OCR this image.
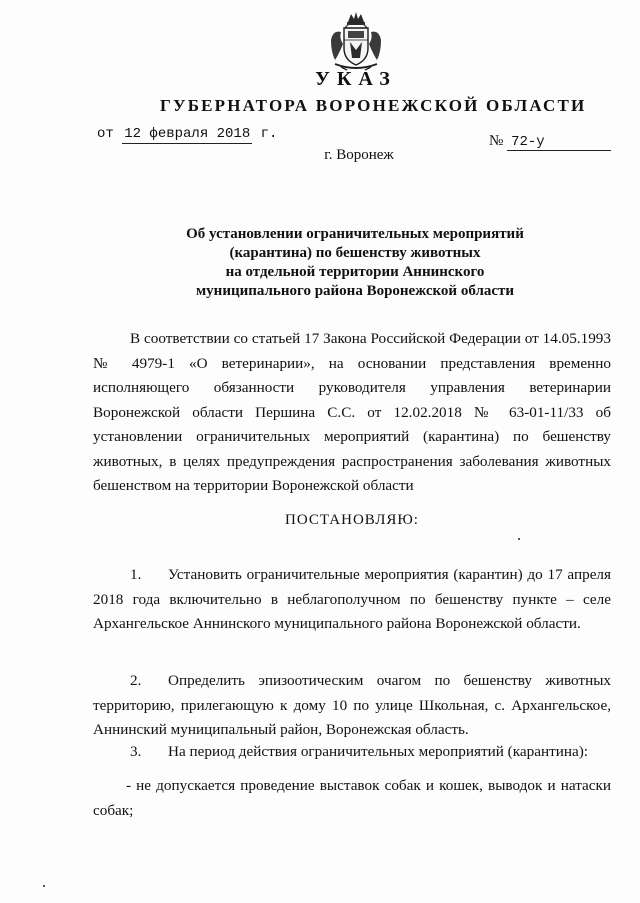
УКАЗ
ГУБЕРНАТОРА ВОРОНЕЖСКОЙ ОБЛАСТИ
от 12 февраля 2018 г.	№ 72-у
г. Воронеж
Об установлении ограничительных мероприятий
(карантина) по бешенству животных
на отдельной территории Аннинского
муниципального района Воронежской области
В соответствии со статьей 17 Закона Российской Федерации от 14.05.1993 № 4979-1 «О ветеринарии», на основании представления временно исполняющего обязанности руководителя управления ветеринарии Воронежской области Першина С.С. от 12.02.2018 № 63-01-11/33 об установлении ограничительных мероприятий (карантина) по бешенству животных, в целях предупреждения распространения заболевания животных бешенством на территории Воронежской области
ПОСТАНОВЛЯЮ:
1. Установить ограничительные мероприятия (карантин) до 17 апреля 2018 года включительно в неблагополучном по бешенству пункте – селе Архангельское Аннинского муниципального района Воронежской области.
2. Определить эпизоотическим очагом по бешенству животных территорию, прилегающую к дому 10 по улице Школьная, с. Архангельское, Аннинский муниципальный район, Воронежская область.
3. На период действия ограничительных мероприятий (карантина):
- не допускается проведение выставок собак и кошек, выводок и натаски собак;
